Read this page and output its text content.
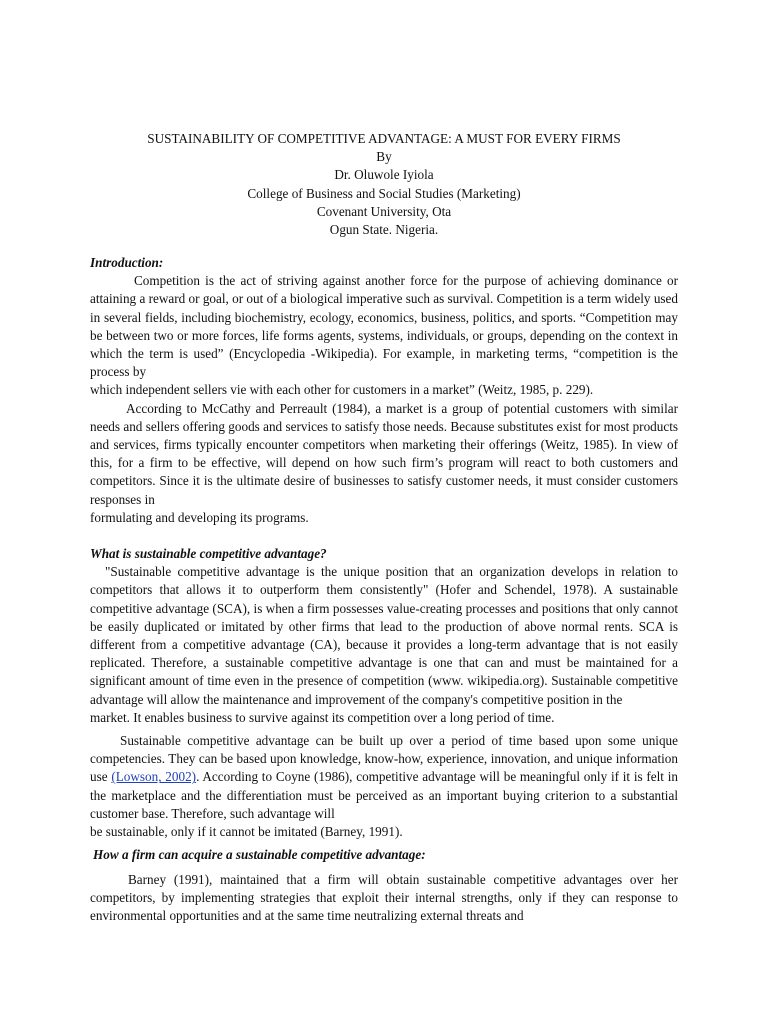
SUSTAINABILITY OF COMPETITIVE ADVANTAGE: A MUST FOR EVERY FIRMS
By
Dr. Oluwole Iyiola
College of Business and Social Studies (Marketing)
Covenant University, Ota
Ogun State. Nigeria.

Introduction:

Competition is the act of striving against another force for the purpose of achieving dominance or attaining a reward or goal, or out of a biological imperative such as survival. Competition is a term widely used in several fields, including biochemistry, ecology, economics, business, politics, and sports. “Competition may be between two or more forces, life forms agents, systems, individuals, or groups, depending on the context in which the term is used” (Encyclopedia -Wikipedia). For example, in marketing terms, “competition is the process by

which independent sellers vie with each other for customers in a market” (Weitz, 1985, p. 229).

According to McCathy and Perreault (1984), a market is a group of potential customers with similar needs and sellers offering goods and services to satisfy those needs. Because substitutes exist for most products and services, firms typically encounter competitors when marketing their offerings (Weitz, 1985). In view of this, for a firm to be effective, will depend on how such firm’s program will react to both customers and competitors. Since it is the ultimate desire of businesses to satisfy customer needs, it must consider customers responses in

formulating and developing its programs.

What is sustainable competitive advantage?

"Sustainable competitive advantage is the unique position that an organization develops in relation to competitors that allows it to outperform them consistently" (Hofer and Schendel, 1978). A sustainable competitive advantage (SCA), is when a firm possesses value-creating processes and positions that only cannot be easily duplicated or imitated by other firms that lead to the production of above normal rents. SCA is different from a competitive advantage (CA), because it provides a long-term advantage that is not easily replicated. Therefore, a sustainable competitive advantage is one that can and must be maintained for a significant amount of time even in the presence of competition (www. wikipedia.org). Sustainable competitive advantage will allow the maintenance and improvement of the company's competitive position in the

market. It enables business to survive against its competition over a long period of time.

Sustainable competitive advantage can be built up over a period of time based upon some unique competencies. They can be based upon knowledge, know-how, experience, innovation, and unique information use (Lowson, 2002). According to Coyne (1986), competitive advantage will be meaningful only if it is felt in the marketplace and the differentiation must be perceived as an important buying criterion to a substantial customer base. Therefore, such advantage will

be sustainable, only if it cannot be imitated (Barney, 1991).

How a firm can acquire a sustainable competitive advantage:

Barney (1991), maintained that a firm will obtain sustainable competitive advantages over her competitors, by implementing strategies that exploit their internal strengths, only if they can response to environmental opportunities and at the same time neutralizing external threats and
